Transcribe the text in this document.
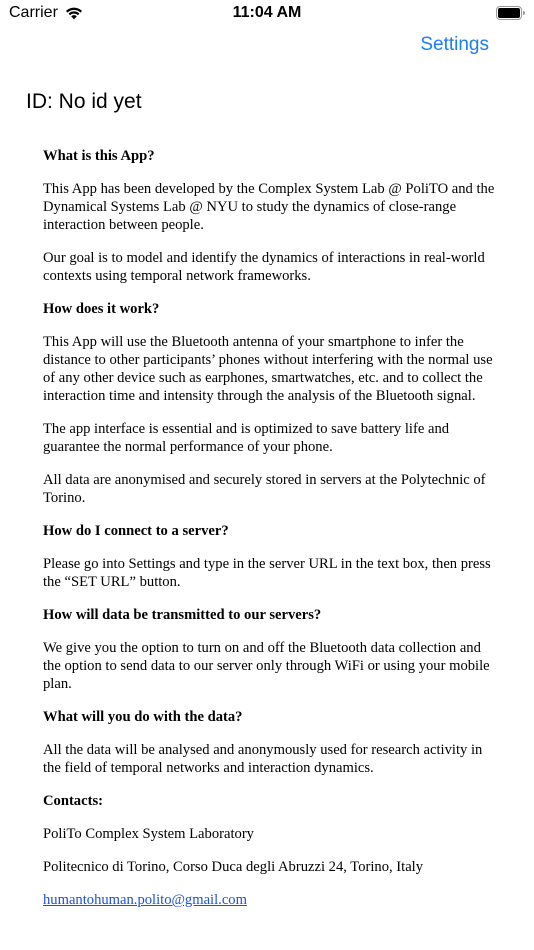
Carrier	11:04 AM
Settings
ID: No id yet
What is this App?
This App has been developed by the Complex System Lab @ PoliTO and the Dynamical Systems Lab @ NYU to study the dynamics of close-range interaction between people.
Our goal is to model and identify the dynamics of interactions in real-world contexts using temporal network frameworks.
How does it work?
This App will use the Bluetooth antenna of your smartphone to infer the distance to other participants’ phones without interfering with the normal use of any other device such as earphones, smartwatches, etc. and to collect the interaction time and intensity through the analysis of the Bluetooth signal.
The app interface is essential and is optimized to save battery life and guarantee the normal performance of your phone.
All data are anonymised and securely stored in servers at the Polytechnic of Torino.
How do I connect to a server?
Please go into Settings and type in the server URL in the text box, then press the “SET URL” button.
How will data be transmitted to our servers?
We give you the option to turn on and off the Bluetooth data collection and the option to send data to our server only through WiFi or using your mobile plan.
What will you do with the data?
All the data will be analysed and anonymously used for research activity in the field of temporal networks and interaction dynamics.
Contacts:
PoliTo Complex System Laboratory
Politecnico di Torino, Corso Duca degli Abruzzi 24, Torino, Italy
humantohuman.polito@gmail.com
